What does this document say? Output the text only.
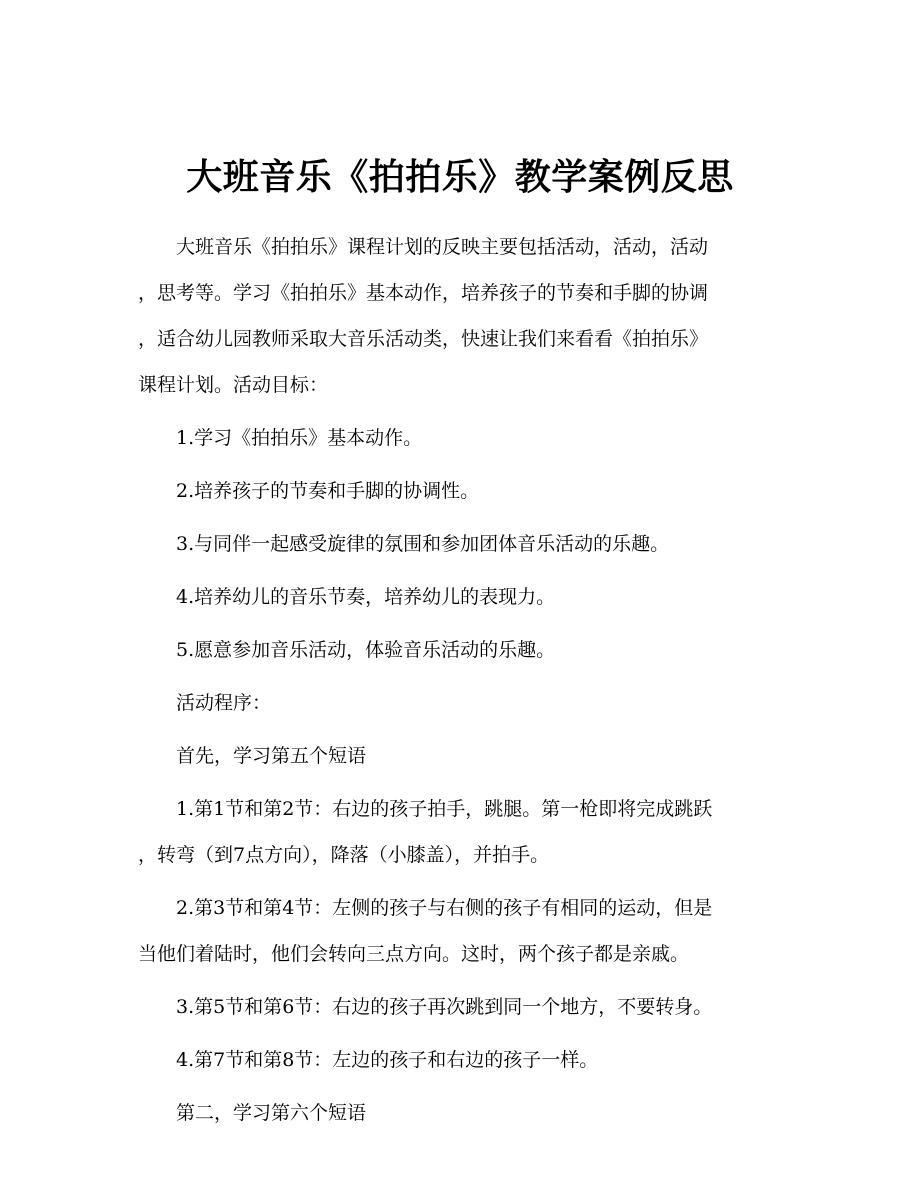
大班音乐《拍拍乐》教学案例反思
大班音乐《拍拍乐》课程计划的反映主要包括活动，活动，活动
，思考等。学习《拍拍乐》基本动作，培养孩子的节奏和手脚的协调
，适合幼儿园教师采取大音乐活动类，快速让我们来看看《拍拍乐》
课程计划。活动目标：

1.学习《拍拍乐》基本动作。

2.培养孩子的节奏和手脚的协调性。

3.与同伴一起感受旋律的氛围和参加团体音乐活动的乐趣。

4.培养幼儿的音乐节奏，培养幼儿的表现力。

5.愿意参加音乐活动，体验音乐活动的乐趣。

活动程序：

首先，学习第五个短语

1.第1节和第2节：右边的孩子拍手，跳腿。第一枪即将完成跳跃
，转弯（到7点方向），降落（小膝盖），并拍手。
2.第3节和第4节：左侧的孩子与右侧的孩子有相同的运动，但是
当他们着陆时，他们会转向三点方向。这时，两个孩子都是亲戚。
3.第5节和第6节：右边的孩子再次跳到同一个地方，不要转身。
4.第7节和第8节：左边的孩子和右边的孩子一样。

第二，学习第六个短语
